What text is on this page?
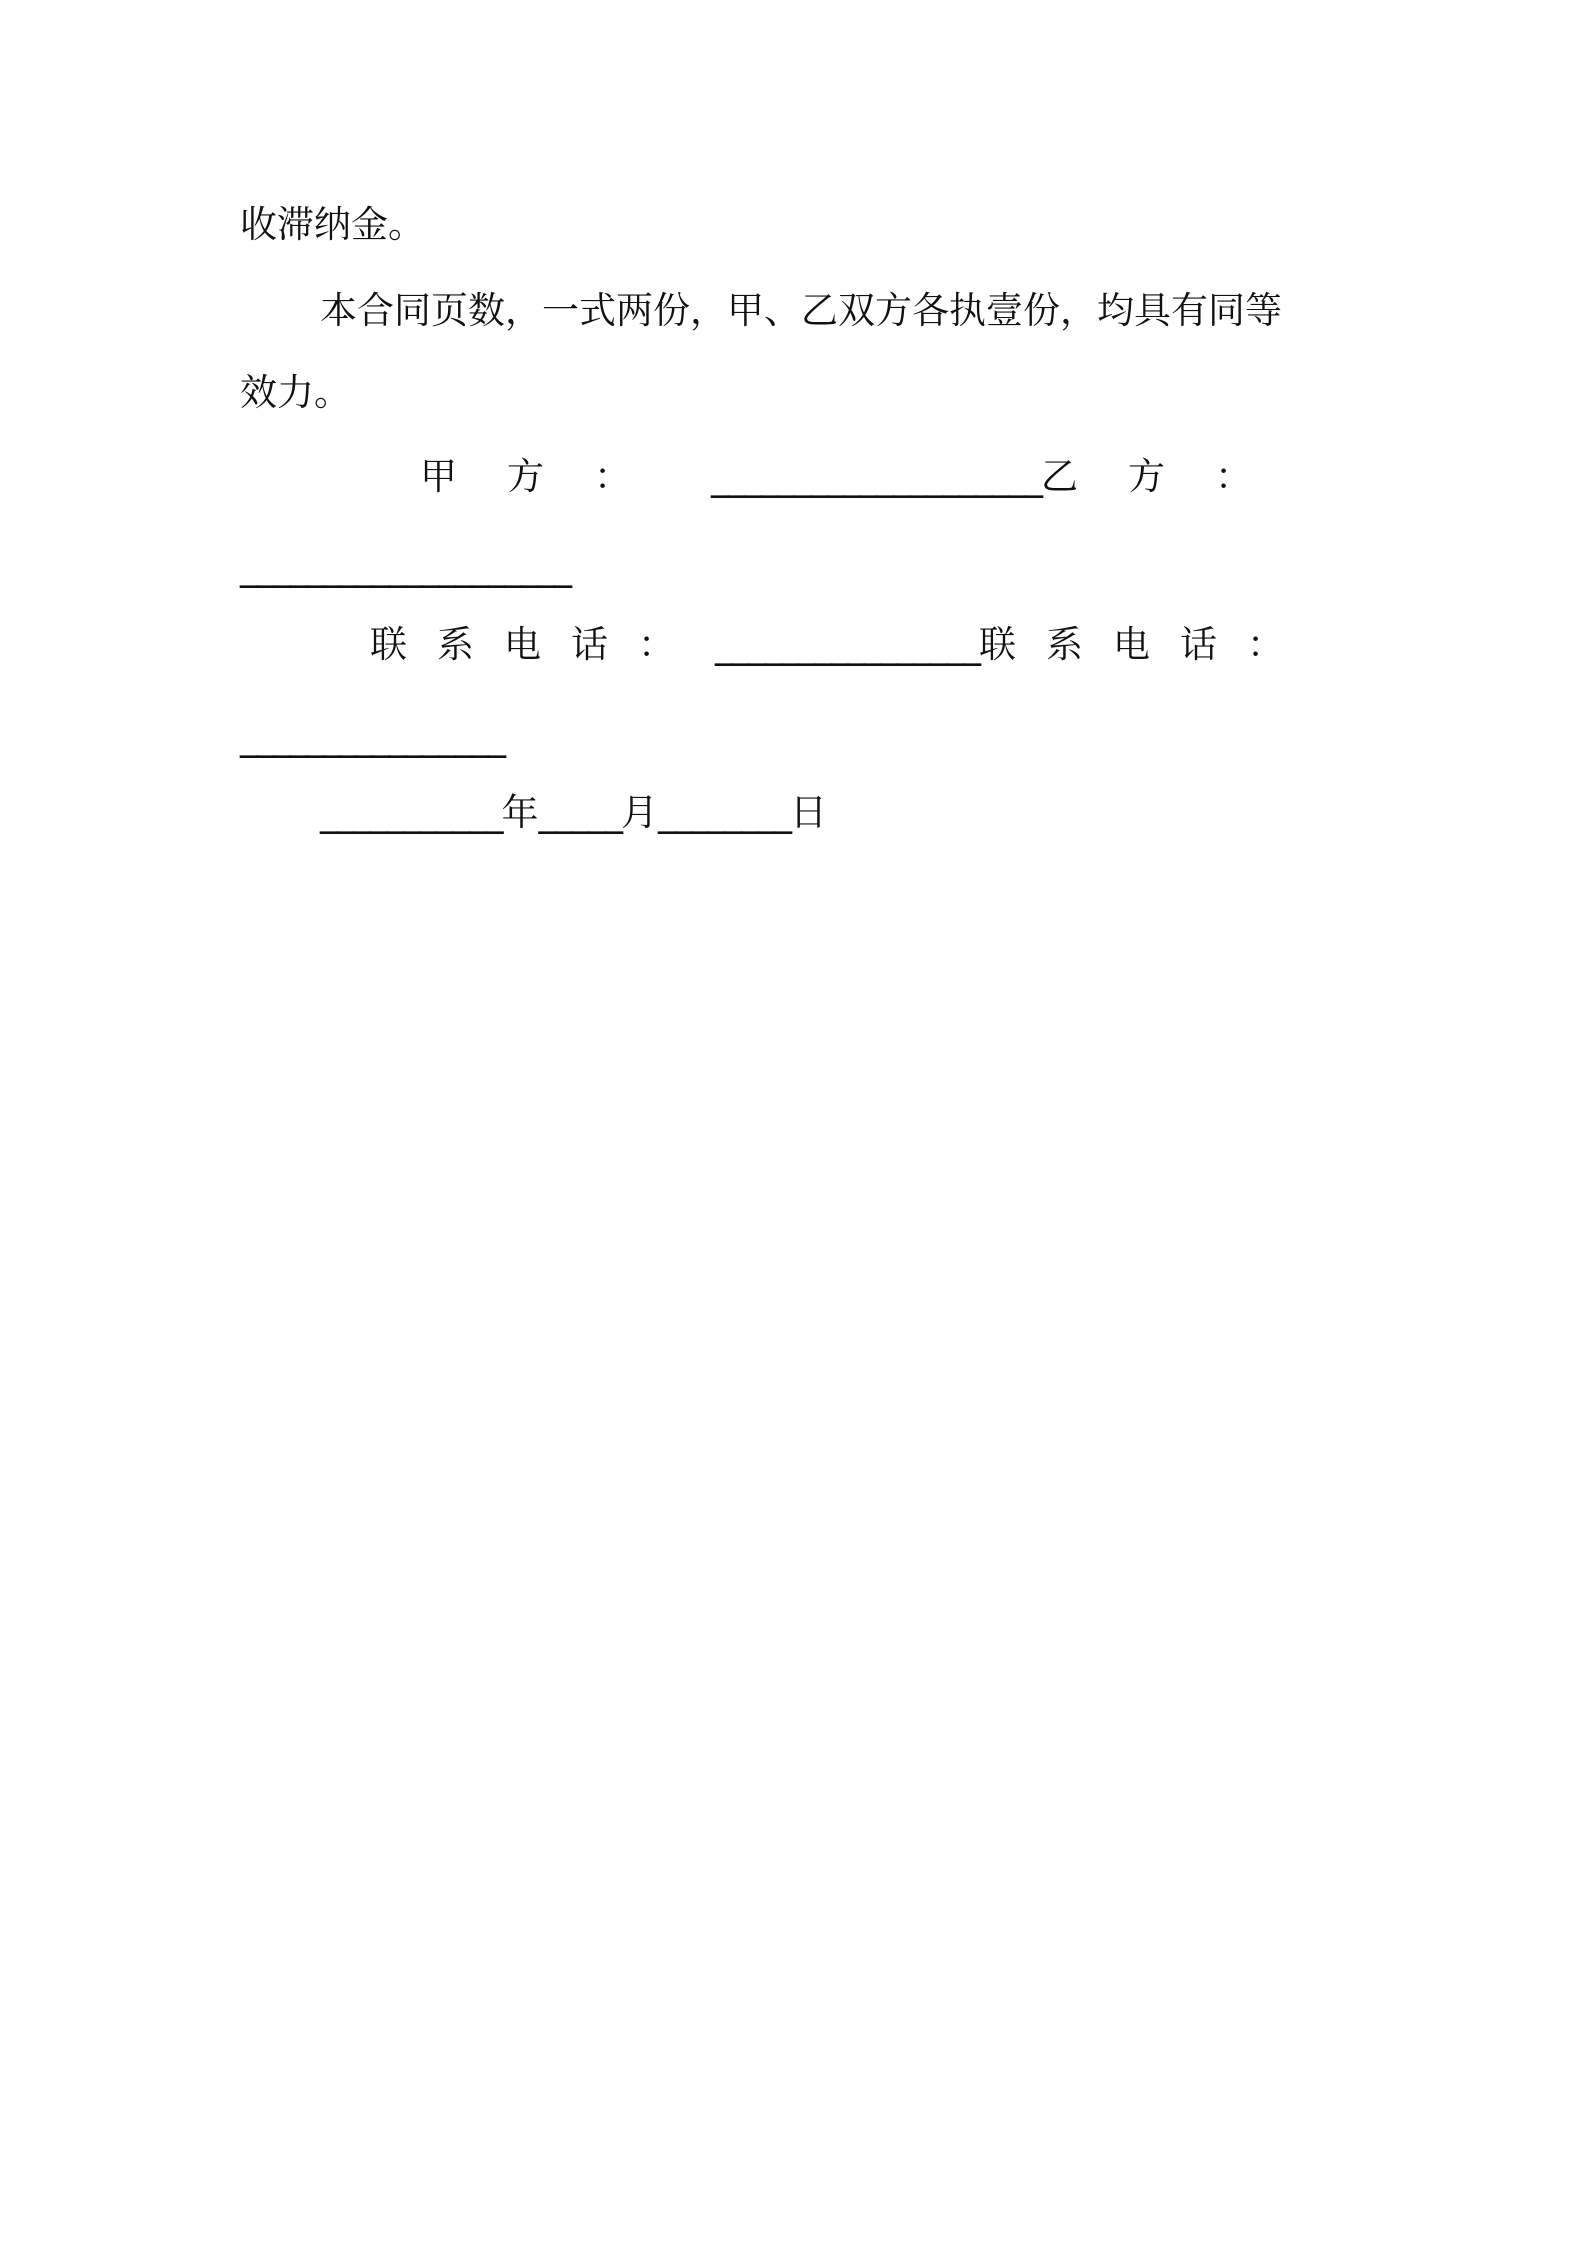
收滞纳金。
本合同页数，一式两份，甲、乙双方各执壹份，均具有同等
效力。
甲方： ____________________ 乙方：
____________________
联系电话： ________________ 联系电话：
________________
___________年_____月________日
